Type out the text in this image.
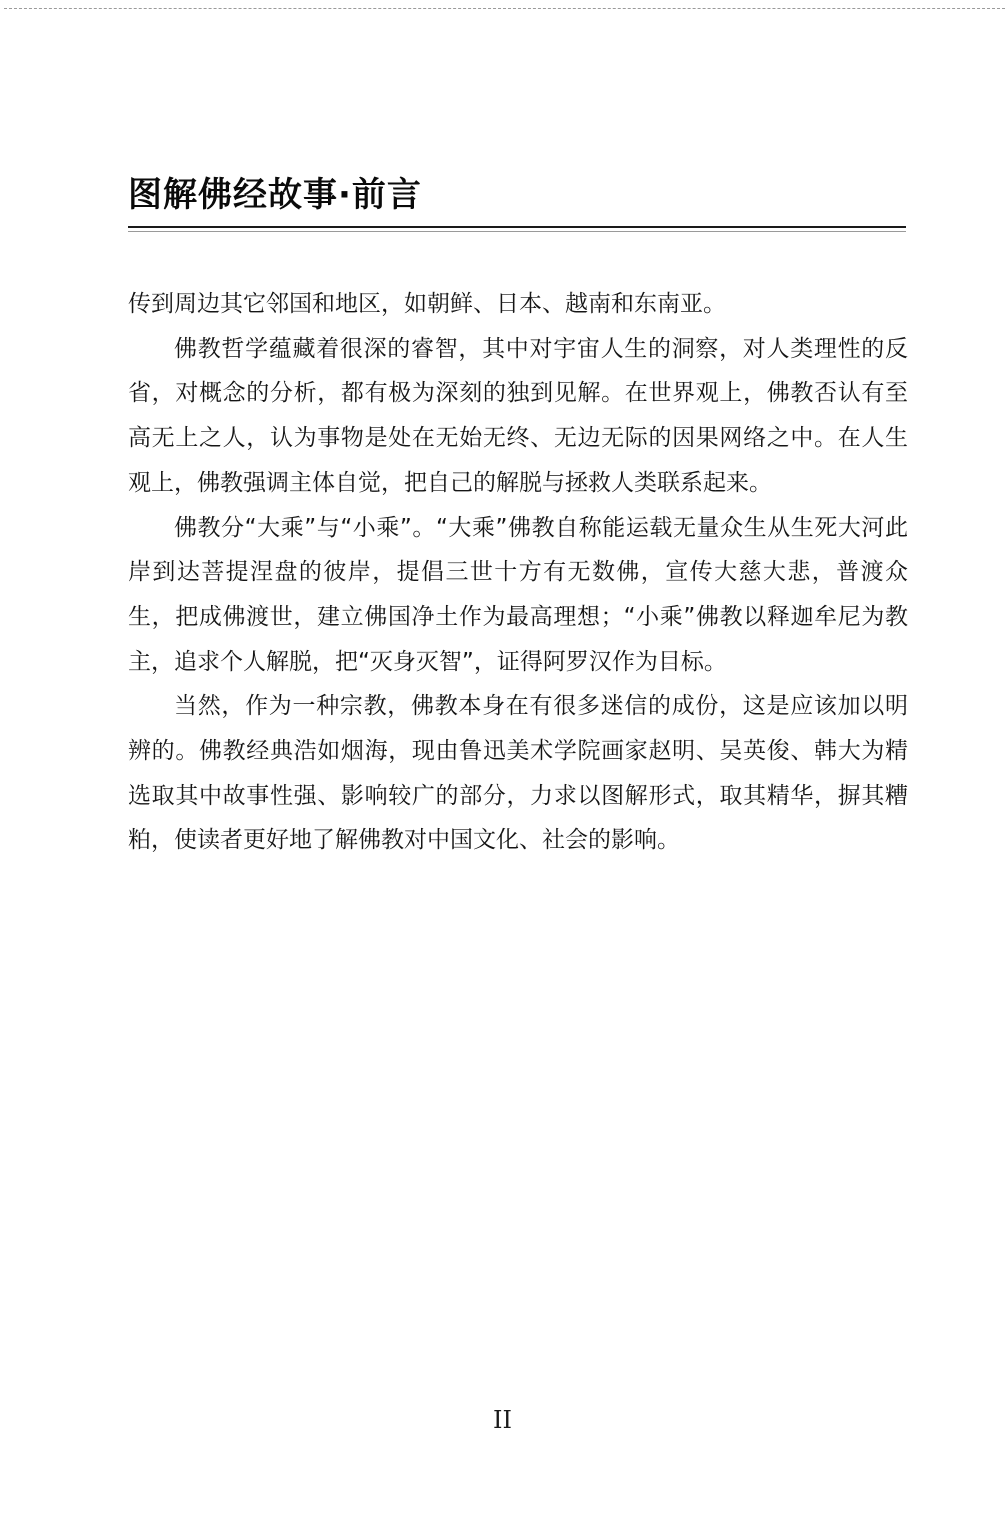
图解佛经故事·前言

传到周边其它邻国和地区，如朝鲜、日本、越南和东南亚。

佛教哲学蕴藏着很深的睿智，其中对宇宙人生的洞察，对人类理性的反省，对概念的分析，都有极为深刻的独到见解。在世界观上，佛教否认有至高无上之人，认为事物是处在无始无终、无边无际的因果网络之中。在人生观上，佛教强调主体自觉，把自己的解脱与拯救人类联系起来。

佛教分“大乘”与“小乘”。“大乘”佛教自称能运载无量众生从生死大河此岸到达菩提涅盘的彼岸，提倡三世十方有无数佛，宣传大慈大悲，普渡众生，把成佛渡世，建立佛国净土作为最高理想；“小乘”佛教以释迦牟尼为教主，追求个人解脱，把“灭身灭智”，证得阿罗汉作为目标。

当然，作为一种宗教，佛教本身在有很多迷信的成份，这是应该加以明辨的。佛教经典浩如烟海，现由鲁迅美术学院画家赵明、吴英俊、韩大为精选取其中故事性强、影响较广的部分，力求以图解形式，取其精华，摒其糟粕，使读者更好地了解佛教对中国文化、社会的影响。

II
